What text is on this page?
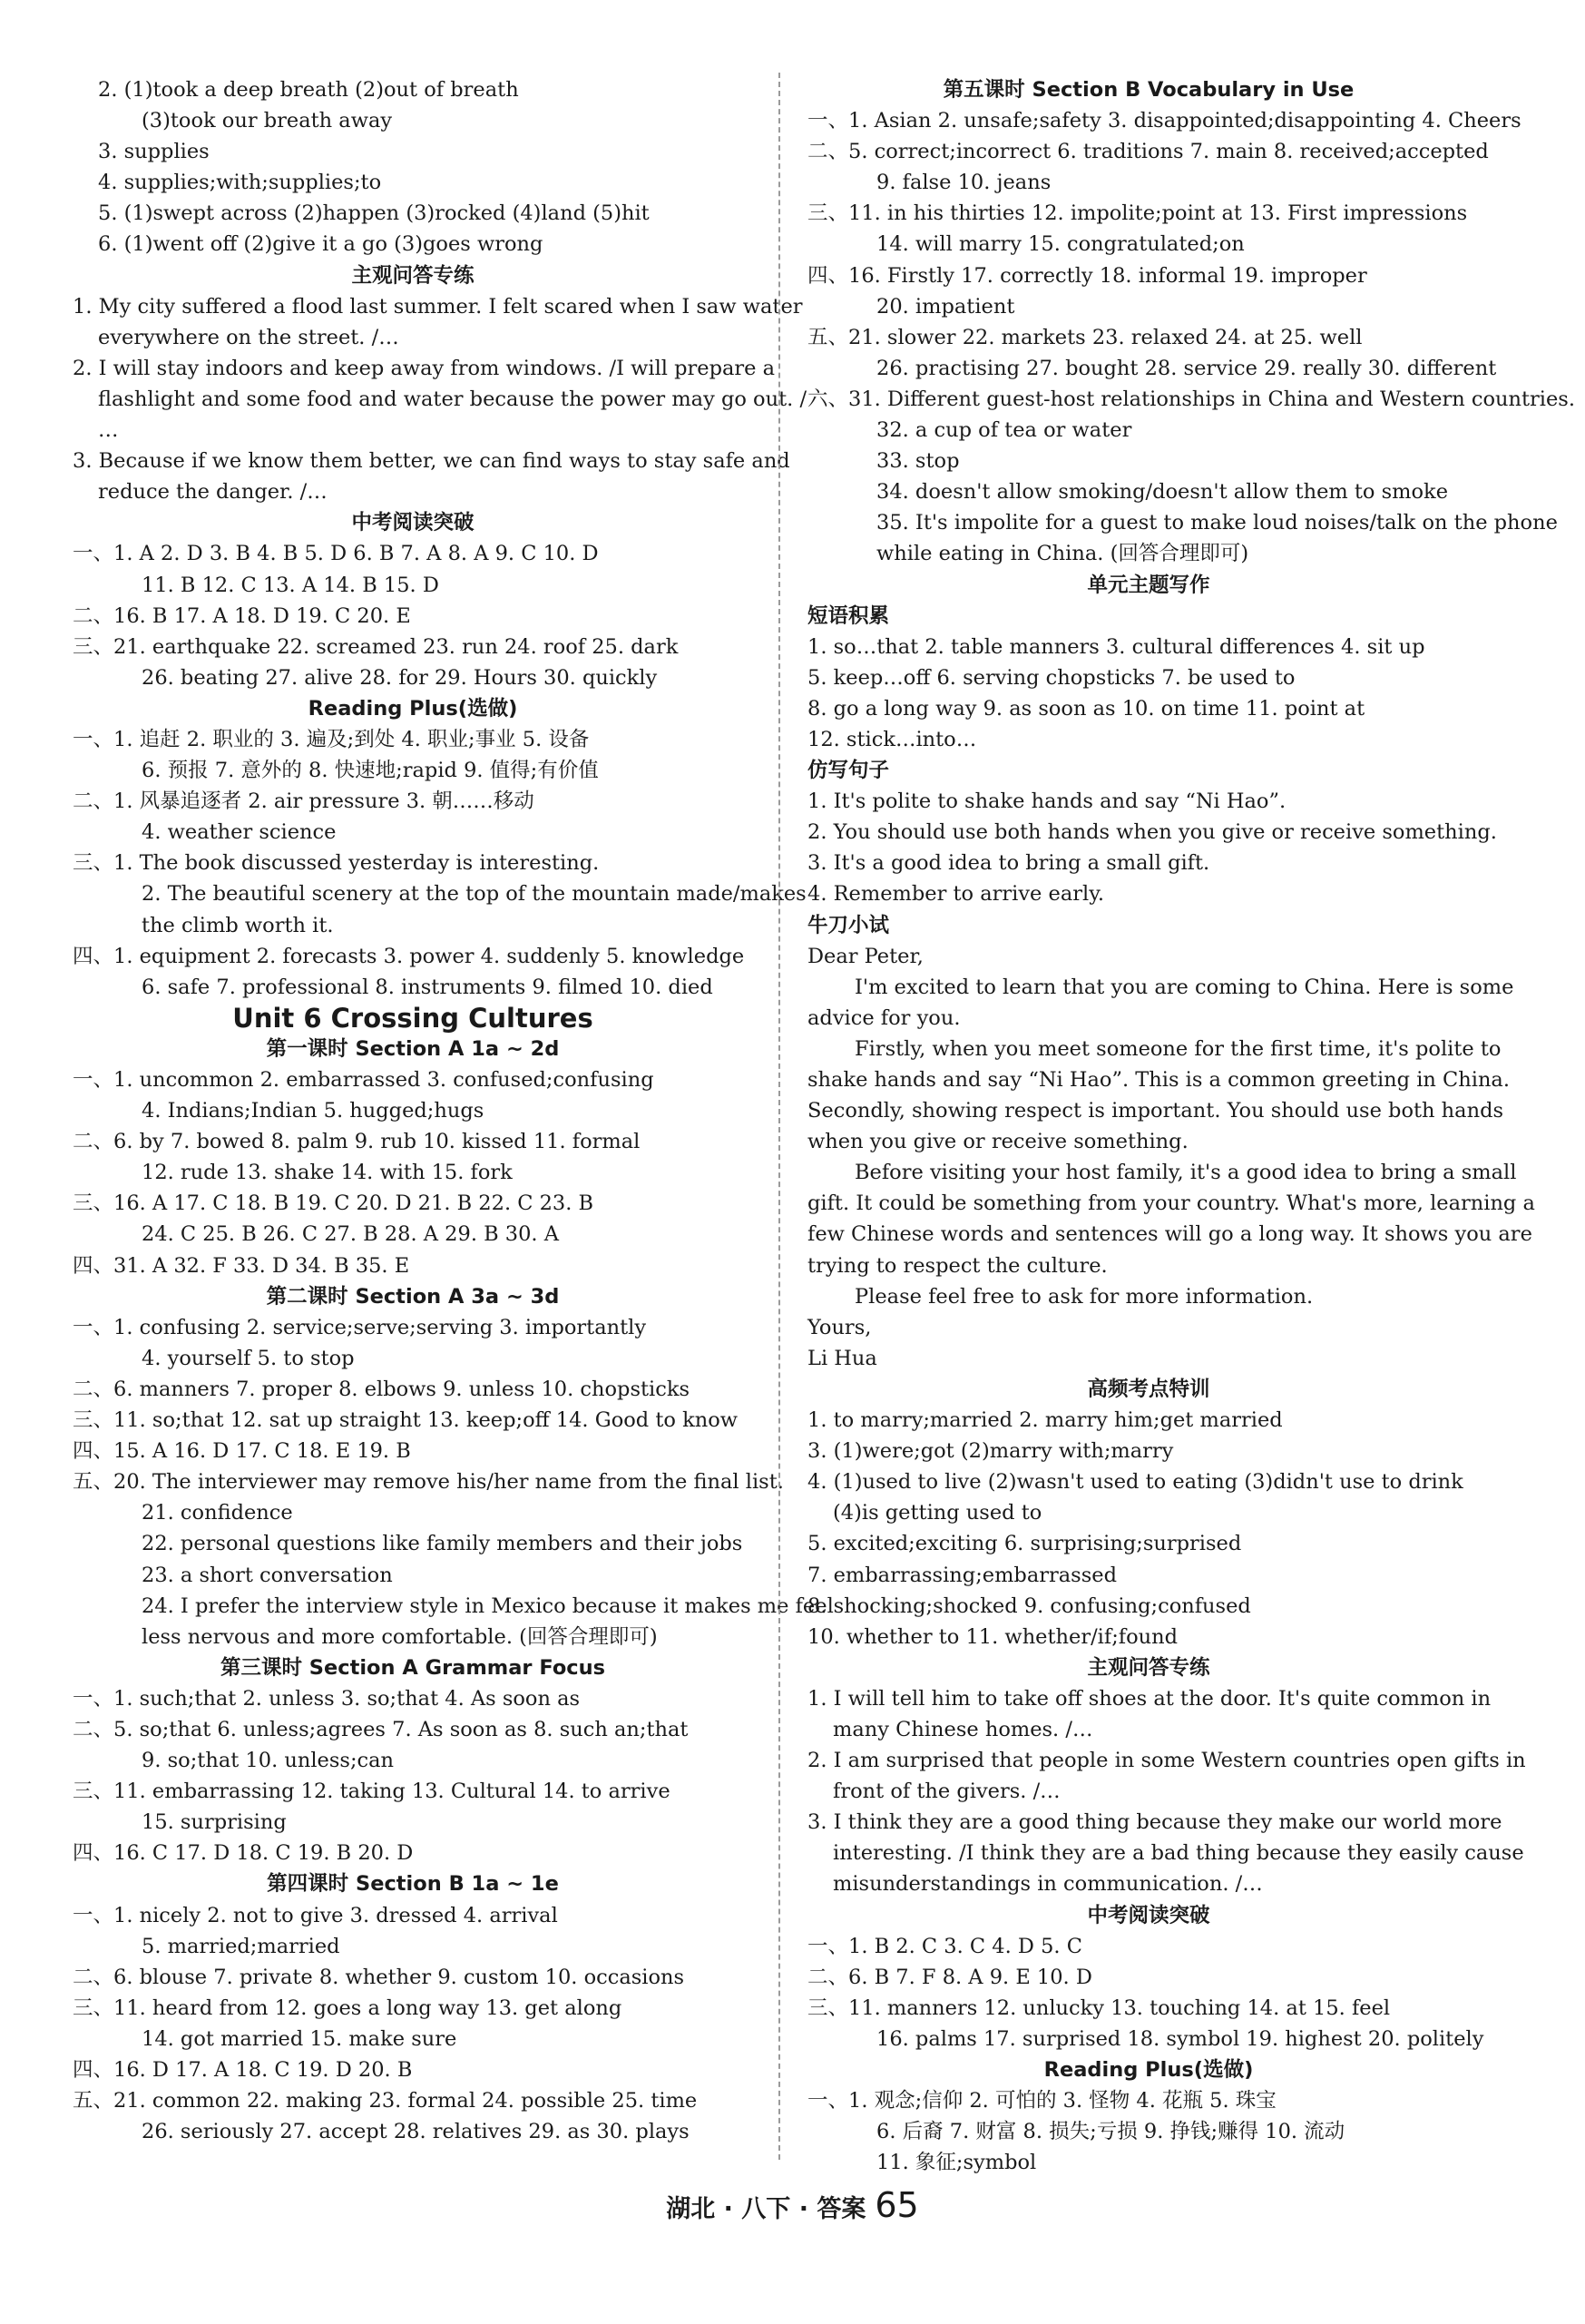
2. (1)took a deep breath (2)out of breath
(3)took our breath away
3. supplies
4. supplies;with;supplies;to
5. (1)swept across (2)happen (3)rocked (4)land (5)hit
6. (1)went off (2)give it a go (3)goes wrong
主观问答专练
1. My city suffered a flood last summer. I felt scared when I saw water
everywhere on the street. /…
2. I will stay indoors and keep away from windows. /I will prepare a
flashlight and some food and water because the power may go out. /
…
3. Because if we know them better, we can find ways to stay safe and
reduce the danger. /…
中考阅读突破
一、1. A 2. D 3. B 4. B 5. D 6. B 7. A 8. A 9. C 10. D
11. B 12. C 13. A 14. B 15. D
二、16. B 17. A 18. D 19. C 20. E
三、21. earthquake 22. screamed 23. run 24. roof 25. dark
26. beating 27. alive 28. for 29. Hours 30. quickly
Reading Plus(选做)
一、1. 追赶 2. 职业的 3. 遍及;到处 4. 职业;事业 5. 设备
6. 预报 7. 意外的 8. 快速地;rapid 9. 值得;有价值
二、1. 风暴追逐者 2. air pressure 3. 朝……移动
4. weather science
三、1. The book discussed yesterday is interesting.
2. The beautiful scenery at the top of the mountain made/makes
the climb worth it.
四、1. equipment 2. forecasts 3. power 4. suddenly 5. knowledge
6. safe 7. professional 8. instruments 9. filmed 10. died
Unit 6 Crossing Cultures
第一课时 Section A 1a ~ 2d
一、1. uncommon 2. embarrassed 3. confused;confusing
4. Indians;Indian 5. hugged;hugs
二、6. by 7. bowed 8. palm 9. rub 10. kissed 11. formal
12. rude 13. shake 14. with 15. fork
三、16. A 17. C 18. B 19. C 20. D 21. B 22. C 23. B
24. C 25. B 26. C 27. B 28. A 29. B 30. A
四、31. A 32. F 33. D 34. B 35. E
第二课时 Section A 3a ~ 3d
一、1. confusing 2. service;serve;serving 3. importantly
4. yourself 5. to stop
二、6. manners 7. proper 8. elbows 9. unless 10. chopsticks
三、11. so;that 12. sat up straight 13. keep;off 14. Good to know
四、15. A 16. D 17. C 18. E 19. B
五、20. The interviewer may remove his/her name from the final list.
21. confidence
22. personal questions like family members and their jobs
23. a short conversation
24. I prefer the interview style in Mexico because it makes me feel
less nervous and more comfortable. (回答合理即可)
第三课时 Section A Grammar Focus
一、1. such;that 2. unless 3. so;that 4. As soon as
二、5. so;that 6. unless;agrees 7. As soon as 8. such an;that
9. so;that 10. unless;can
三、11. embarrassing 12. taking 13. Cultural 14. to arrive
15. surprising
四、16. C 17. D 18. C 19. B 20. D
第四课时 Section B 1a ~ 1e
一、1. nicely 2. not to give 3. dressed 4. arrival
5. married;married
二、6. blouse 7. private 8. whether 9. custom 10. occasions
三、11. heard from 12. goes a long way 13. get along
14. got married 15. make sure
四、16. D 17. A 18. C 19. D 20. B
五、21. common 22. making 23. formal 24. possible 25. time
26. seriously 27. accept 28. relatives 29. as 30. plays
第五课时 Section B Vocabulary in Use
一、1. Asian 2. unsafe;safety 3. disappointed;disappointing 4. Cheers
二、5. correct;incorrect 6. traditions 7. main 8. received;accepted
9. false 10. jeans
三、11. in his thirties 12. impolite;point at 13. First impressions
14. will marry 15. congratulated;on
四、16. Firstly 17. correctly 18. informal 19. improper
20. impatient
五、21. slower 22. markets 23. relaxed 24. at 25. well
26. practising 27. bought 28. service 29. really 30. different
六、31. Different guest-host relationships in China and Western countries.
32. a cup of tea or water
33. stop
34. doesn't allow smoking/doesn't allow them to smoke
35. It's impolite for a guest to make loud noises/talk on the phone
while eating in China. (回答合理即可)
单元主题写作
短语积累
1. so…that 2. table manners 3. cultural differences 4. sit up
5. keep…off 6. serving chopsticks 7. be used to
8. go a long way 9. as soon as 10. on time 11. point at
12. stick…into…
仿写句子
1. It's polite to shake hands and say “Ni Hao”.
2. You should use both hands when you give or receive something.
3. It's a good idea to bring a small gift.
4. Remember to arrive early.
牛刀小试
Dear Peter,
I'm excited to learn that you are coming to China. Here is some
advice for you.
Firstly, when you meet someone for the first time, it's polite to
shake hands and say “Ni Hao”. This is a common greeting in China.
Secondly, showing respect is important. You should use both hands
when you give or receive something.
Before visiting your host family, it's a good idea to bring a small
gift. It could be something from your country. What's more, learning a
few Chinese words and sentences will go a long way. It shows you are
trying to respect the culture.
Please feel free to ask for more information.
Yours,
Li Hua
高频考点特训
1. to marry;married 2. marry him;get married
3. (1)were;got (2)marry with;marry
4. (1)used to live (2)wasn't used to eating (3)didn't use to drink
(4)is getting used to
5. excited;exciting 6. surprising;surprised
7. embarrassing;embarrassed
8. shocking;shocked 9. confusing;confused
10. whether to 11. whether/if;found
主观问答专练
1. I will tell him to take off shoes at the door. It's quite common in
many Chinese homes. /…
2. I am surprised that people in some Western countries open gifts in
front of the givers. /…
3. I think they are a good thing because they make our world more
interesting. /I think they are a bad thing because they easily cause
misunderstandings in communication. /…
中考阅读突破
一、1. B 2. C 3. C 4. D 5. C
二、6. B 7. F 8. A 9. E 10. D
三、11. manners 12. unlucky 13. touching 14. at 15. feel
16. palms 17. surprised 18. symbol 19. highest 20. politely
Reading Plus(选做)
一、1. 观念;信仰 2. 可怕的 3. 怪物 4. 花瓶 5. 珠宝
6. 后裔 7. 财富 8. 损失;亏损 9. 挣钱;赚得 10. 流动
11. 象征;symbol
湖北 · 八下 · 答案 65
